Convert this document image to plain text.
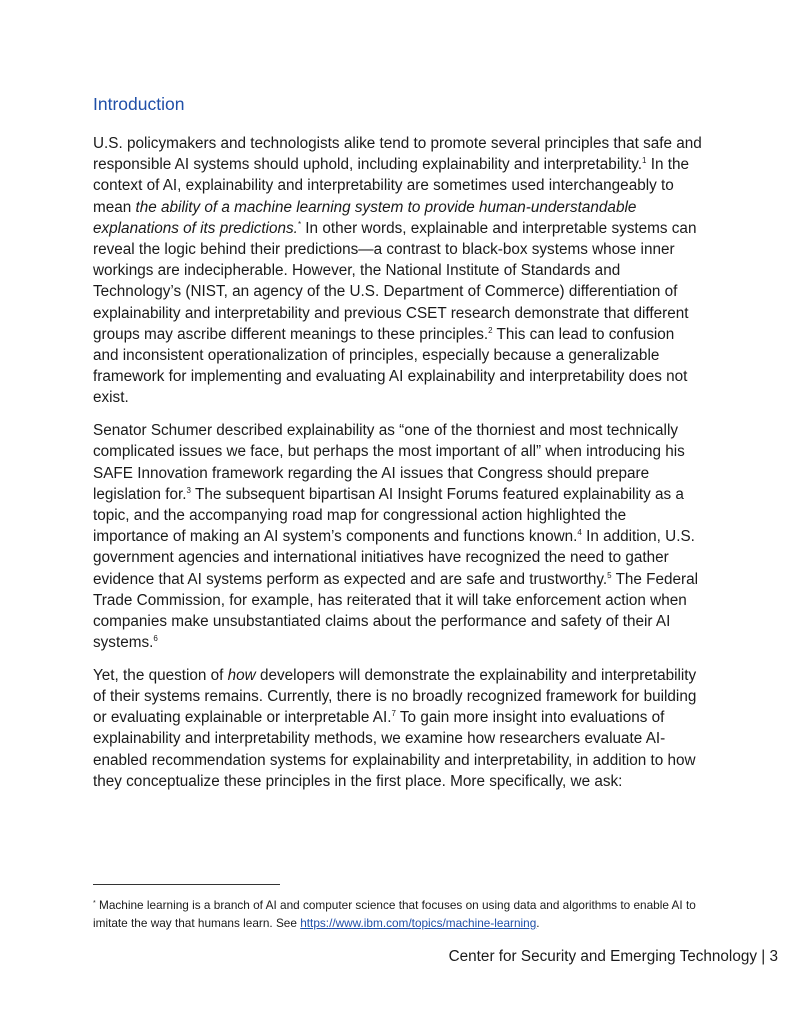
Introduction

U.S. policymakers and technologists alike tend to promote several principles that safe and responsible AI systems should uphold, including explainability and interpretability.$^1$ In the context of AI, explainability and interpretability are sometimes used interchangeably to mean the ability of a machine learning system to provide human-understandable explanations of its predictions.* In other words, explainable and interpretable systems can reveal the logic behind their predictions—a contrast to black-box systems whose inner workings are indecipherable. However, the National Institute of Standards and Technology’s (NIST, an agency of the U.S. Department of Commerce) differentiation of explainability and interpretability and previous CSET research demonstrate that different groups may ascribe different meanings to these principles.$^2$ This can lead to confusion and inconsistent operationalization of principles, especially because a generalizable framework for implementing and evaluating AI explainability and interpretability does not exist.

Senator Schumer described explainability as “one of the thorniest and most technically complicated issues we face, but perhaps the most important of all” when introducing his SAFE Innovation framework regarding the AI issues that Congress should prepare legislation for.$^3$ The subsequent bipartisan AI Insight Forums featured explainability as a topic, and the accompanying road map for congressional action highlighted the importance of making an AI system’s components and functions known.$^4$ In addition, U.S. government agencies and international initiatives have recognized the need to gather evidence that AI systems perform as expected and are safe and trustworthy.$^5$ The Federal Trade Commission, for example, has reiterated that it will take enforcement action when companies make unsubstantiated claims about the performance and safety of their AI systems.$^6$

Yet, the question of how developers will demonstrate the explainability and interpretability of their systems remains. Currently, there is no broadly recognized framework for building or evaluating explainable or interpretable AI.$^7$ To gain more insight into evaluations of explainability and interpretability methods, we examine how researchers evaluate AI-enabled recommendation systems for explainability and interpretability, in addition to how they conceptualize these principles in the first place. More specifically, we ask:

* Machine learning is a branch of AI and computer science that focuses on using data and algorithms to enable AI to imitate the way that humans learn. See https://www.ibm.com/topics/machine-learning.
Center for Security and Emerging Technology | 3
